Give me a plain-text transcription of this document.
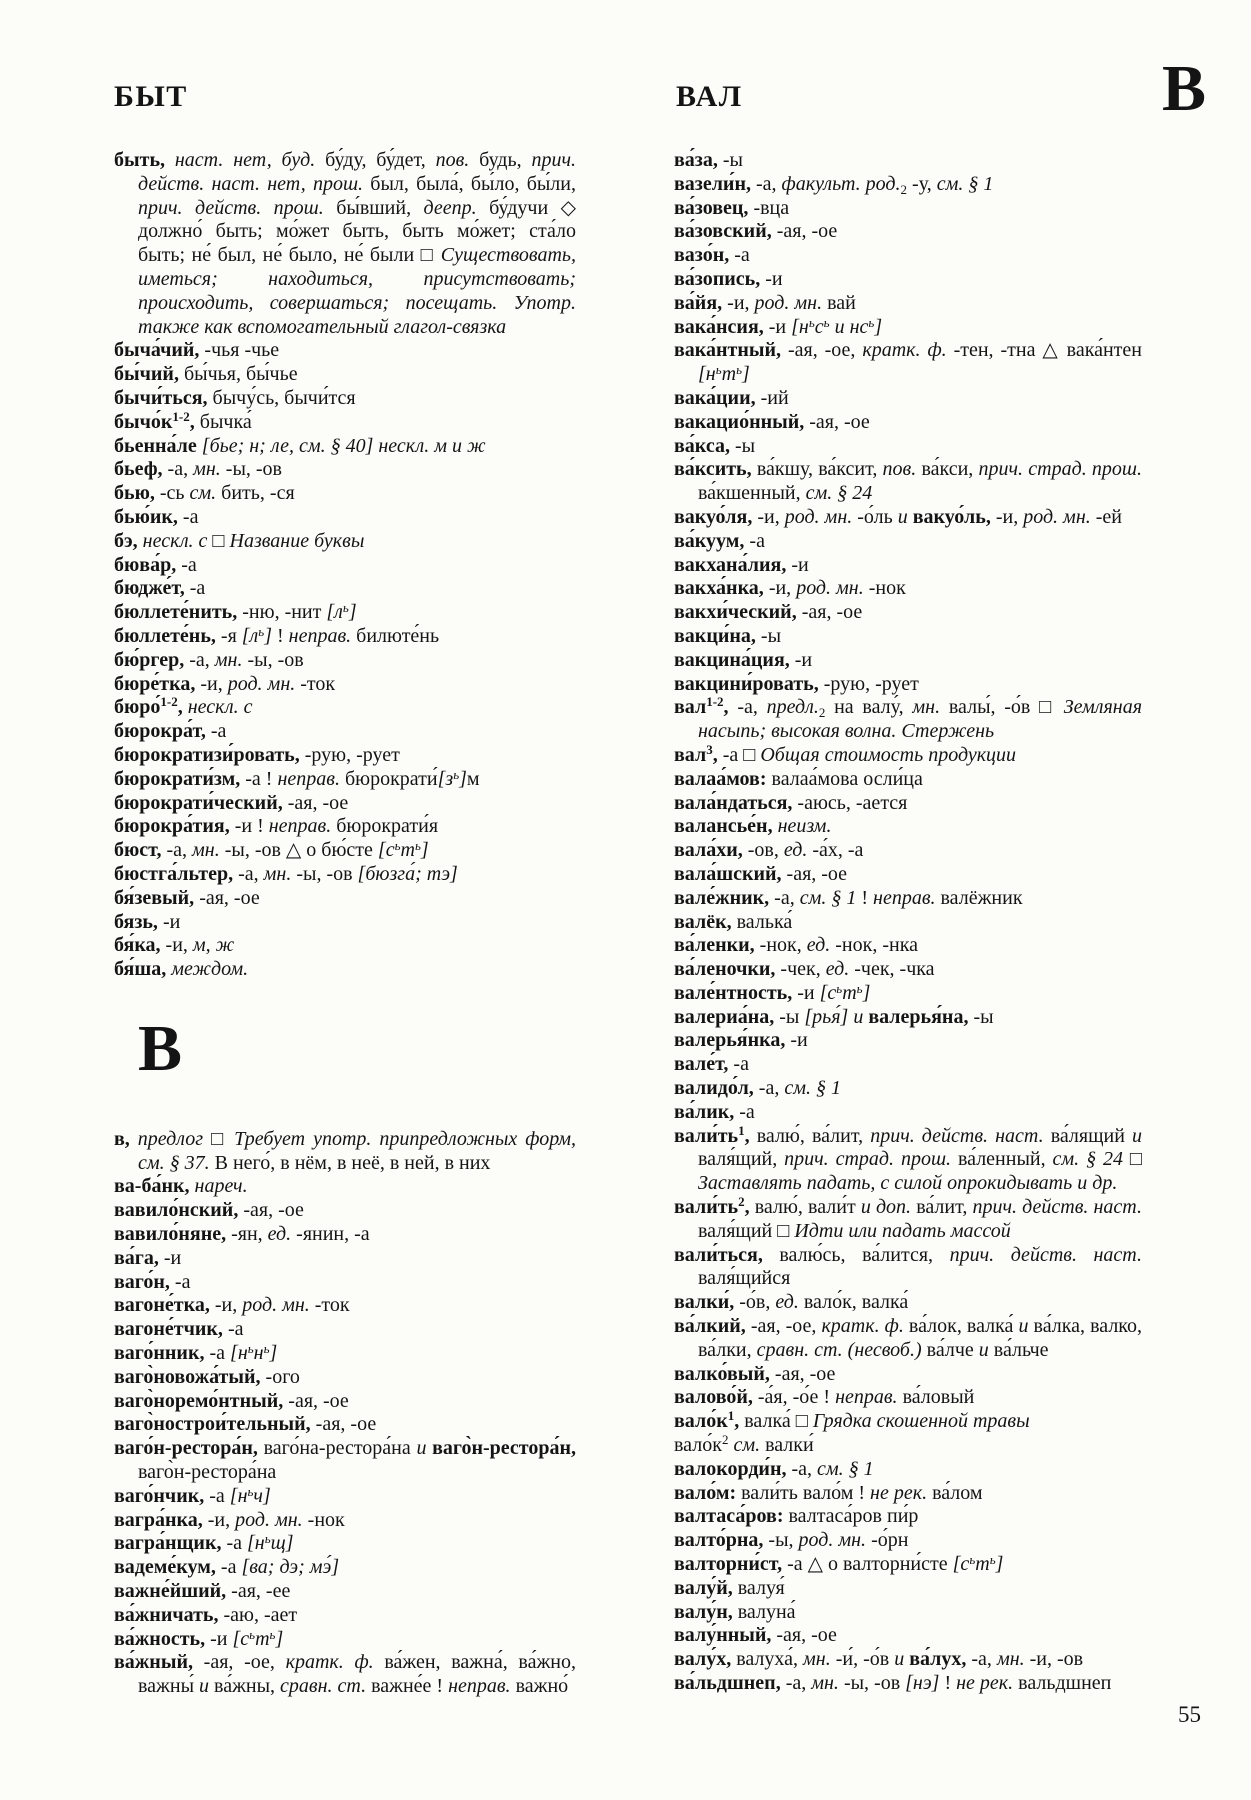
БЫТ	ВАЛ	В

быть, наст. нет, буд. бу́ду, бу́дет, пов. будь, прич. действ. наст. нет, прош. был, была́, бы́ло, бы́ли, прич. действ. прош. бы́вший, деепр. бу́дучи ◇ должно́ быть; мо́жет быть, быть мо́жет; ста́ло быть; не́ был, не́ было, не́ были □ Существовать, иметься; находиться, присутствовать; происходить, совершаться; посещать. Употр. также как вспомогательный глагол-связка

быча́чий, -чья -чье

бы́чий, бы́чья, бы́чье

бычи́ться, бычу́сь, бычи́тся

$бычо́к^{1-2}$, бычка́

бьенна́ле [бье; н; ле, см. § 40] нескл. м и ж

бьеф, -а, мн. -ы, -ов

бью, -сь см. бить, -ся

бью́ик, -а

бэ, нескл. с □ Название буквы

бюва́р, -а

бюдже́т, -а

бюллете́нить, -ню, -нит $[л^ь]$

бюллете́нь, -я $[л^ь]$ ! неправ. билюте́нь

бю́ргер, -а, мн. -ы, -ов

бюре́тка, -и, род. мн. -ток

бюро́$^{1-2}$, нескл. с

бюрокра́т, -а

бюрократизи́ровать, -рую, -рует

бюрократи́зм, -а ! неправ. $бюрократи́[з^ь]м$

бюрократи́ческий, -ая, -ое

бюрокра́тия, -и ! неправ. бюрократи́я

бюст, -а, мн. -ы, -ов △ о бю́сте $[с^ьт^ь]$

бюстга́льтер, -а, мн. -ы, -ов [бюзга́; тэ]

бя́зевый, -ая, -ое

бязь, -и

бя́ка, -и, м, ж

бя́ша, междом.

В

в, предлог □ Требует употр. припредложных форм, см. § 37. В него́, в нём, в неё, в ней, в них

ва-ба́нк, нареч.

вавило́нский, -ая, -ое

вавило́няне, -ян, ед. -янин, -а

ва́га, -и

ваго́н, -а

вагоне́тка, -и, род. мн. -ток

вагоне́тчик, -а

ваго́нник, -а $[н^ьн^ь]$

ваго̀новожа́тый, -ого

ваго̀норемо́нтный, -ая, -ое

ваго̀нострои́тельный, -ая, -ое

ваго́н-рестора́н, ваго́на-рестора́на и ваго̀н-рестора́н, ваго̀н-рестора́на

ваго́нчик, -а $[н^ьч]$

вагра́нка, -и, род. мн. -нок

вагра́нщик, -а $[н^ьщ]$

вадеме́кум, -а [ва; дэ; мэ́]

важне́йший, -ая, -ее

ва́жничать, -аю, -ает

ва́жность, -и $[с^ьт^ь]$

ва́жный, -ая, -ое, кратк. ф. ва́жен, важна́, ва́жно, важны́ и ва́жны, сравн. ст. важне́е ! неправ. важно́

ва́за, -ы

вазели́н, -а, факульт. $род._2$ -у, см. § 1

ва́зовец, -вца

ва́зовский, -ая, -ое

вазо́н, -а

ва́зопись, -и

ва́йя, -и, род. мн. вай

вака́нсия, -и [$н^ьс^ь$ и $нс^ь$]

вака́нтный, -ая, -ое, кратк. ф. -тен, -тна △ вака́нтен $[н^ьт^ь]$

вака́ции, -ий

вакацио́нный, -ая, -ое

ва́кса, -ы

ва́ксить, ва́кшу, ва́ксит, пов. ва́кси, прич. страд. прош. ва́кшенный, см. § 24

вакуо́ля, -и, род. мн. -о́ль и вакуо́ль, -и, род. мн. -ей

ва́куум, -а

вакхана́лия, -и

вакха́нка, -и, род. мн. -нок

вакхи́ческий, -ая, -ое

вакци́на, -ы

вакцина́ция, -и

вакцини́ровать, -рую, -рует

вал$^{1-2}$, -а, $предл._2$ на валу́, мн. валы́, -о́в □ Земляная насыпь; высокая волна. Стержень

вал$^3$, -а □ Общая стоимость продукции

валаа́мов: валаа́мова осли́ца

вала́ндаться, -аюсь, -ается

валансье́н, неизм.

вала́хи, -ов, ед. -а́х, -а

вала́шский, -ая, -ое

вале́жник, -а, см. § 1 ! неправ. валёжник

валёк, валька́

ва́ленки, -нок, ед. -нок, -нка

ва́леночки, -чек, ед. -чек, -чка

вале́нтность, -и $[с^ьт^ь]$

валериа́на, -ы [рья́] и валерья́на, -ы

валерья́нка, -и

вале́т, -а

валидо́л, -а, см. § 1

ва́лик, -а

$вали́ть^1$, валю́, ва́лит, прич. действ. наст. ва́лящий и валя́щий, прич. страд. прош. ва́ленный, см. § 24 □ Заставлять падать, с силой опрокидывать и др.

$вали́ть^2$, валю́, вали́т и доп. ва́лит, прич. действ. наст. валя́щий □ Идти или падать массой

вали́ться, валю́сь, ва́лится, прич. действ. наст. валя́щийся

валки́, -о́в, ед. вало́к, валка́

ва́лкий, -ая, -ое, кратк. ф. ва́лок, валка́ и ва́лка, валко, ва́лки, сравн. ст. (несвоб.) ва́лче и ва́льче

валко́вый, -ая, -ое

валово́й, -а́я, -о́е ! неправ. ва́ловый

$вало́к^1$, валка́ □ Грядка скошенной травы

$вало́к^2$ см. валки́

валокорди́н, -а, см. § 1

вало́м: вали́ть вало́м ! не рек. ва́лом

валтаса́ров: валтаса́ров пи́р

валто́рна, -ы, род. мн. -о́рн

валторни́ст, -а △ о валторни́сте $[с^ьт^ь]$

валу́й, валуя́

валу́н, валуна́

валу́нный, -ая, -ое

валу́х, валуха́, мн. -и́, -о́в и ва́лух, -а, мн. -и, -ов

ва́льдшнеп, -а, мн. -ы, -ов [нэ] ! не рек. вальдшнеп

55
